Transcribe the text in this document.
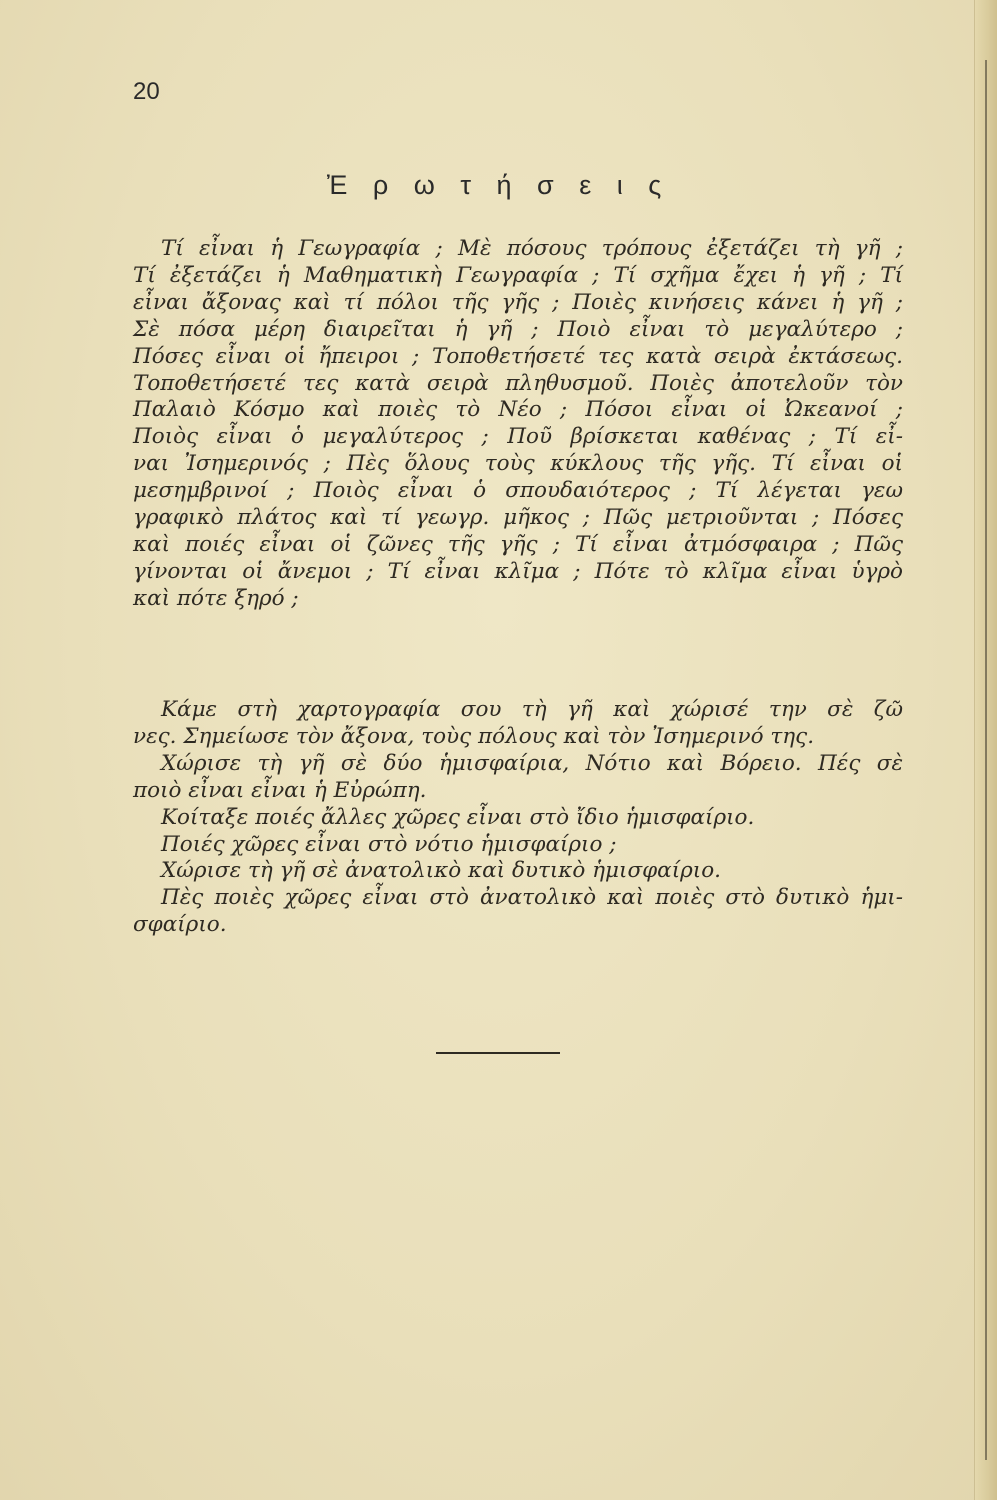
20
Ἐ ρ ω τ ή σ ε ι ς
Τί εἶναι ἡ Γεωγραφία ; Μὲ πόσους τρόπους ἐξετάζει τὴ γῆ ;
Τί ἐξετάζει ἡ Μαθηματικὴ Γεωγραφία ; Τί σχῆμα ἔχει ἡ γῆ ; Τί
εἶναι ἄξονας καὶ τί πόλοι τῆς γῆς ; Ποιὲς κινήσεις κάνει ἡ γῆ ;
Σὲ πόσα μέρη διαιρεῖται ἡ γῆ ; Ποιὸ εἶναι τὸ μεγαλύτερο ;
Πόσες εἶναι οἱ ἤπειροι ; Τοποθετήσετέ τες κατὰ σειρὰ ἐκτάσεως.
Τοποθετήσετέ τες κατὰ σειρὰ πληθυσμοῦ. Ποιὲς ἀποτελοῦν τὸν
Παλαιὸ Κόσμο καὶ ποιὲς τὸ Νέο ; Πόσοι εἶναι οἱ Ὠκεανοί ;
Ποιὸς εἶναι ὁ μεγαλύτερος ; Ποῦ βρίσκεται καθένας ; Τί εἶ-
ναι Ἰσημερινός ; Πὲς ὅλους τοὺς κύκλους τῆς γῆς. Τί εἶναι οἱ
μεσημβρινοί ; Ποιὸς εἶναι ὁ σπουδαιότερος ; Τί λέγεται γεω
γραφικὸ πλάτος καὶ τί γεωγρ. μῆκος ; Πῶς μετριοῦνται ; Πόσες
καὶ ποιές εἶναι οἱ ζῶνες τῆς γῆς ; Τί εἶναι ἀτμόσφαιρα ; Πῶς
γίνονται οἱ ἄνεμοι ; Τί εἶναι κλῖμα ; Πότε τὸ κλῖμα εἶναι ὑγρὸ
καὶ πότε ξηρό ;
Κάμε στὴ χαρτογραφία σου τὴ γῆ καὶ χώρισέ την σὲ ζῶ
νες. Σημείωσε τὸν ἄξονα, τοὺς πόλους καὶ τὸν Ἰσημερινό της.
Χώρισε τὴ γῆ σὲ δύο ἡμισφαίρια, Νότιο καὶ Βόρειο. Πές σὲ
ποιὸ εἶναι εἶναι ἡ Εὐρώπη.
Κοίταξε ποιές ἄλλες χῶρες εἶναι στὸ ἴδιο ἡμισφαίριο.
Ποιές χῶρες εἶναι στὸ νότιο ἡμισφαίριο ;
Χώρισε τὴ γῆ σὲ ἀνατολικὸ καὶ δυτικὸ ἡμισφαίριο.
Πὲς ποιὲς χῶρες εἶναι στὸ ἀνατολικὸ καὶ ποιὲς στὸ δυτικὸ ἡμι-
σφαίριο.
